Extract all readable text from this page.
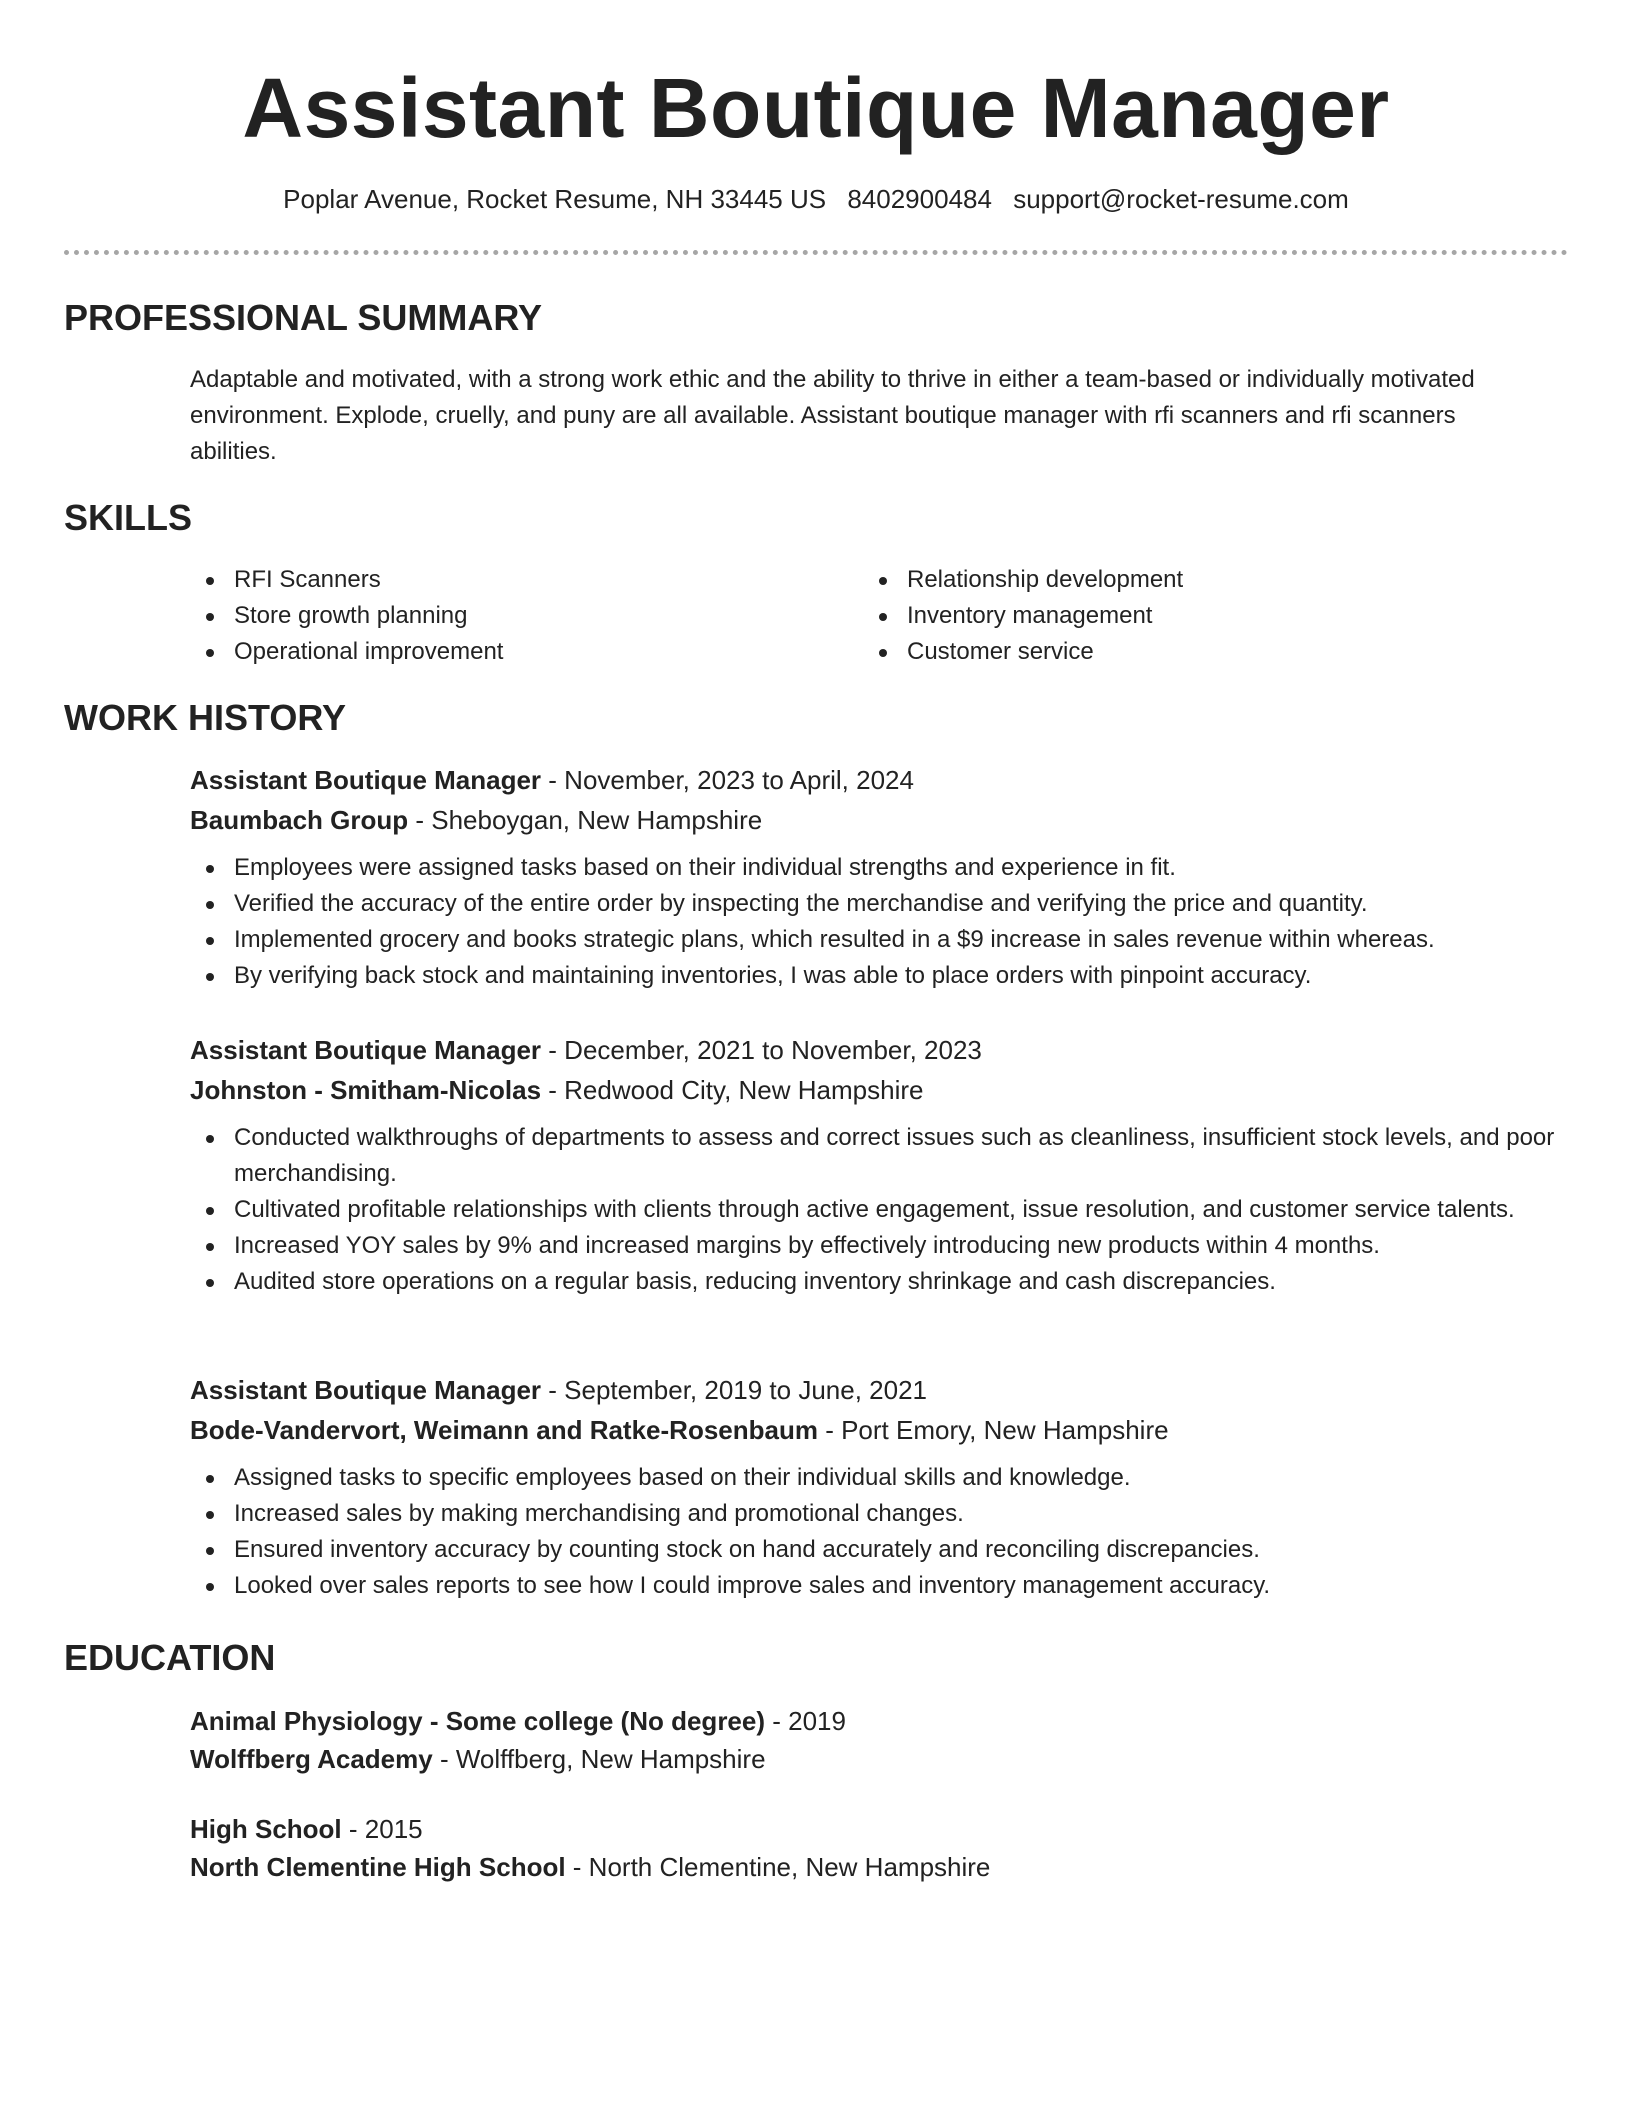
Assistant Boutique Manager
Poplar Avenue, Rocket Resume, NH 33445 US 8402900484 support@rocket-resume.com
PROFESSIONAL SUMMARY

Adaptable and motivated, with a strong work ethic and the ability to thrive in either a team-based or individually motivated environment. Explode, cruelly, and puny are all available. Assistant boutique manager with rfi scanners and rfi scanners abilities.

SKILLS
RFI Scanners
Store growth planning
Operational improvement
Relationship development
Inventory management
Customer service
WORK HISTORY
Assistant Boutique Manager - November, 2023 to April, 2024
Baumbach Group - Sheboygan, New Hampshire
Employees were assigned tasks based on their individual strengths and experience in fit.
Verified the accuracy of the entire order by inspecting the merchandise and verifying the price and quantity.
Implemented grocery and books strategic plans, which resulted in a $9 increase in sales revenue within whereas.
By verifying back stock and maintaining inventories, I was able to place orders with pinpoint accuracy.
Assistant Boutique Manager - December, 2021 to November, 2023
Johnston - Smitham-Nicolas - Redwood City, New Hampshire
Conducted walkthroughs of departments to assess and correct issues such as cleanliness, insufficient stock levels, and poor merchandising.
Cultivated profitable relationships with clients through active engagement, issue resolution, and customer service talents.
Increased YOY sales by 9% and increased margins by effectively introducing new products within 4 months.
Audited store operations on a regular basis, reducing inventory shrinkage and cash discrepancies.
Assistant Boutique Manager - September, 2019 to June, 2021
Bode-Vandervort, Weimann and Ratke-Rosenbaum - Port Emory, New Hampshire
Assigned tasks to specific employees based on their individual skills and knowledge.
Increased sales by making merchandising and promotional changes.
Ensured inventory accuracy by counting stock on hand accurately and reconciling discrepancies.
Looked over sales reports to see how I could improve sales and inventory management accuracy.
EDUCATION
Animal Physiology - Some college (No degree) - 2019
Wolffberg Academy - Wolffberg, New Hampshire
High School - 2015
North Clementine High School - North Clementine, New Hampshire
